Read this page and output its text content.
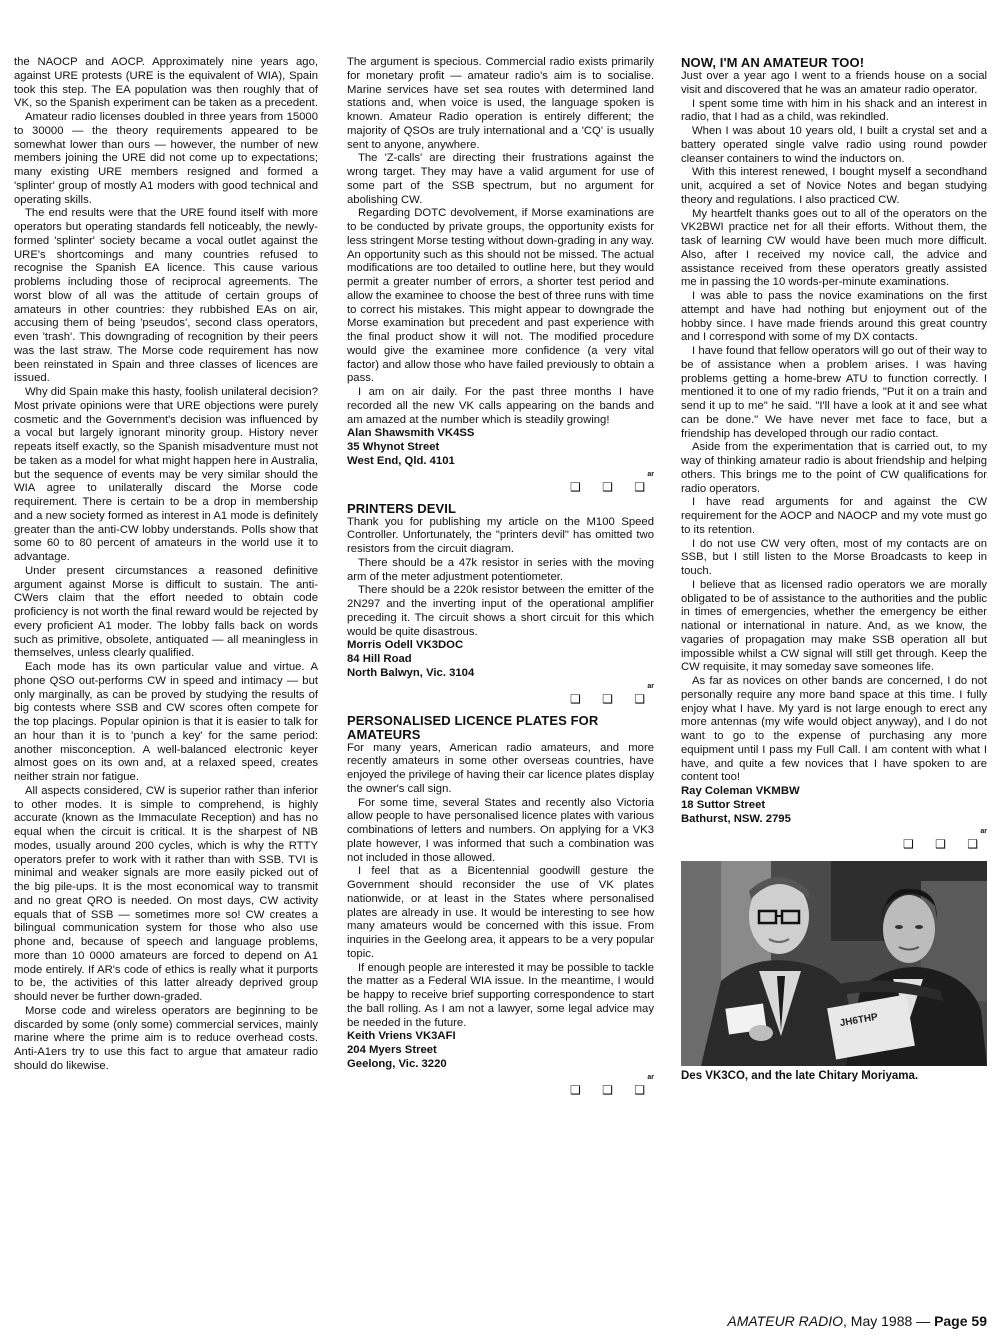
the NAOCP and AOCP. Approximately nine years ago, against URE protests (URE is the equivalent of WIA), Spain took this step. The EA population was then roughly that of VK, so the Spanish experiment can be taken as a precedent.

Amateur radio licenses doubled in three years from 15000 to 30000 — the theory requirements appeared to be somewhat lower than ours — however, the number of new members joining the URE did not come up to expectations; many existing URE members resigned and formed a 'splinter' group of mostly A1 moders with good technical and operating skills.

The end results were that the URE found itself with more operators but operating standards fell noticeably, the newly-formed 'splinter' society became a vocal outlet against the URE's shortcomings and many countries refused to recognise the Spanish EA licence. This cause various problems including those of reciprocal agreements. The worst blow of all was the attitude of certain groups of amateurs in other countries: they rubbished EAs on air, accusing them of being 'pseudos', second class operators, even 'trash'. This downgrading of recognition by their peers was the last straw. The Morse code requirement has now been reinstated in Spain and three classes of licences are issued.

Why did Spain make this hasty, foolish unilateral decision? Most private opinions were that URE objections were purely cosmetic and the Government's decision was influenced by a vocal but largely ignorant minority group. History never repeats itself exactly, so the Spanish misadventure must not be taken as a model for what might happen here in Australia, but the sequence of events may be very similar should the WIA agree to unilaterally discard the Morse code requirement. There is certain to be a drop in membership and a new society formed as interest in A1 mode is definitely greater than the anti-CW lobby understands. Polls show that some 60 to 80 percent of amateurs in the world use it to advantage.

Under present circumstances a reasoned definitive argument against Morse is difficult to sustain. The anti-CWers claim that the effort needed to obtain code proficiency is not worth the final reward would be rejected by every proficient A1 moder. The lobby falls back on words such as primitive, obsolete, antiquated — all meaningless in themselves, unless clearly qualified.

Each mode has its own particular value and virtue. A phone QSO out-performs CW in speed and intimacy — but only marginally, as can be proved by studying the results of big contests where SSB and CW scores often compete for the top placings. Popular opinion is that it is easier to talk for an hour than it is to 'punch a key' for the same period: another misconception. A well-balanced electronic keyer almost goes on its own and, at a relaxed speed, creates neither strain nor fatigue.

All aspects considered, CW is superior rather than inferior to other modes. It is simple to comprehend, is highly accurate (known as the Immaculate Reception) and has no equal when the circuit is critical. It is the sharpest of NB modes, usually around 200 cycles, which is why the RTTY operators prefer to work with it rather than with SSB. TVI is minimal and weaker signals are more easily picked out of the big pile-ups. It is the most economical way to transmit and no great QRO is needed. On most days, CW activity equals that of SSB — sometimes more so! CW creates a bilingual communication system for those who also use phone and, because of speech and language problems, more than 10 0000 amateurs are forced to depend on A1 mode entirely. If AR's code of ethics is really what it purports to be, the activities of this latter already deprived group should never be further down-graded.

Morse code and wireless operators are beginning to be discarded by some (only some) commercial services, mainly marine where the prime aim is to reduce overhead costs. Anti-A1ers try to use this fact to argue that amateur radio should do likewise.

The argument is specious. Commercial radio exists primarily for monetary profit — amateur radio's aim is to socialise. Marine services have set sea routes with determined land stations and, when voice is used, the language spoken is known. Amateur Radio operation is entirely different; the majority of QSOs are truly international and a 'CQ' is usually sent to anyone, anywhere.

The 'Z-calls' are directing their frustrations against the wrong target. They may have a valid argument for use of some part of the SSB spectrum, but no argument for abolishing CW.

Regarding DOTC devolvement, if Morse examinations are to be conducted by private groups, the opportunity exists for less stringent Morse testing without down-grading in any way. An opportunity such as this should not be missed. The actual modifications are too detailed to outline here, but they would permit a greater number of errors, a shorter test period and allow the examinee to choose the best of three runs with time to correct his mistakes. This might appear to downgrade the Morse examination but precedent and past experience with the final product show it will not. The modified procedure would give the examinee more confidence (a very vital factor) and allow those who have failed previously to obtain a pass.

I am on air daily. For the past three months I have recorded all the new VK calls appearing on the bands and am amazed at the number which is steadily growing!

Alan Shawsmith VK4SS
35 Whynot Street
West End, Qld. 4101
ar
❑ ❑ ❑
PRINTERS DEVIL

Thank you for publishing my article on the M100 Speed Controller. Unfortunately, the "printers devil" has omitted two resistors from the circuit diagram.

There should be a 47k resistor in series with the moving arm of the meter adjustment potentiometer.

There should be a 220k resistor between the emitter of the 2N297 and the inverting input of the operational amplifier preceding it. The circuit shows a short circuit for this which would be quite disastrous.

Morris Odell VK3DOC
84 Hill Road
North Balwyn, Vic. 3104
ar
❑ ❑ ❑
PERSONALISED LICENCE PLATES FOR AMATEURS

For many years, American radio amateurs, and more recently amateurs in some other overseas countries, have enjoyed the privilege of having their car licence plates display the owner's call sign.

For some time, several States and recently also Victoria allow people to have personalised licence plates with various combinations of letters and numbers. On applying for a VK3 plate however, I was informed that such a combination was not included in those allowed.

I feel that as a Bicentennial goodwill gesture the Government should reconsider the use of VK plates nationwide, or at least in the States where personalised plates are already in use. It would be interesting to see how many amateurs would be concerned with this issue. From inquiries in the Geelong area, it appears to be a very popular topic.

If enough people are interested it may be possible to tackle the matter as a Federal WIA issue. In the meantime, I would be happy to receive brief supporting correspondence to start the ball rolling. As I am not a lawyer, some legal advice may be needed in the future.

Keith Vriens VK3AFI
204 Myers Street
Geelong, Vic. 3220
ar
❑ ❑ ❑
NOW, I'M AN AMATEUR TOO!

Just over a year ago I went to a friends house on a social visit and discovered that he was an amateur radio operator.

I spent some time with him in his shack and an interest in radio, that I had as a child, was rekindled.

When I was about 10 years old, I built a crystal set and a battery operated single valve radio using round powder cleanser containers to wind the inductors on.

With this interest renewed, I bought myself a secondhand unit, acquired a set of Novice Notes and began studying theory and regulations. I also practiced CW.

My heartfelt thanks goes out to all of the operators on the VK2BWI practice net for all their efforts. Without them, the task of learning CW would have been much more difficult. Also, after I received my novice call, the advice and assistance received from these operators greatly assisted me in passing the 10 words-per-minute examinations.

I was able to pass the novice examinations on the first attempt and have had nothing but enjoyment out of the hobby since. I have made friends around this great country and I correspond with some of my DX contacts.

I have found that fellow operators will go out of their way to be of assistance when a problem arises. I was having problems getting a home-brew ATU to function correctly. I mentioned it to one of my radio friends, "Put it on a train and send it up to me" he said. "I'll have a look at it and see what can be done." We have never met face to face, but a friendship has developed through our radio contact.

Aside from the experimentation that is carried out, to my way of thinking amateur radio is about friendship and helping others. This brings me to the point of CW qualifications for radio operators.

I have read arguments for and against the CW requirement for the AOCP and NAOCP and my vote must go to its retention.

I do not use CW very often, most of my contacts are on SSB, but I still listen to the Morse Broadcasts to keep in touch.

I believe that as licensed radio operators we are morally obligated to be of assistance to the authorities and the public in times of emergencies, whether the emergency be either national or international in nature. And, as we know, the vagaries of propagation may make SSB operation all but impossible whilst a CW signal will still get through. Keep the CW requisite, it may someday save someones life.

As far as novices on other bands are concerned, I do not personally require any more band space at this time. I fully enjoy what I have. My yard is not large enough to erect any more antennas (my wife would object anyway), and I do not want to go to the expense of purchasing any more equipment until I pass my Full Call. I am content with what I have, and quite a few novices that I have spoken to are content too!

Ray Coleman VKMBW
18 Suttor Street
Bathurst, NSW. 2795
ar
❑ ❑ ❑
JH6THP
Des VK3CO, and the late Chitary Moriyama.
AMATEUR RADIO, May 1988 — Page 59
